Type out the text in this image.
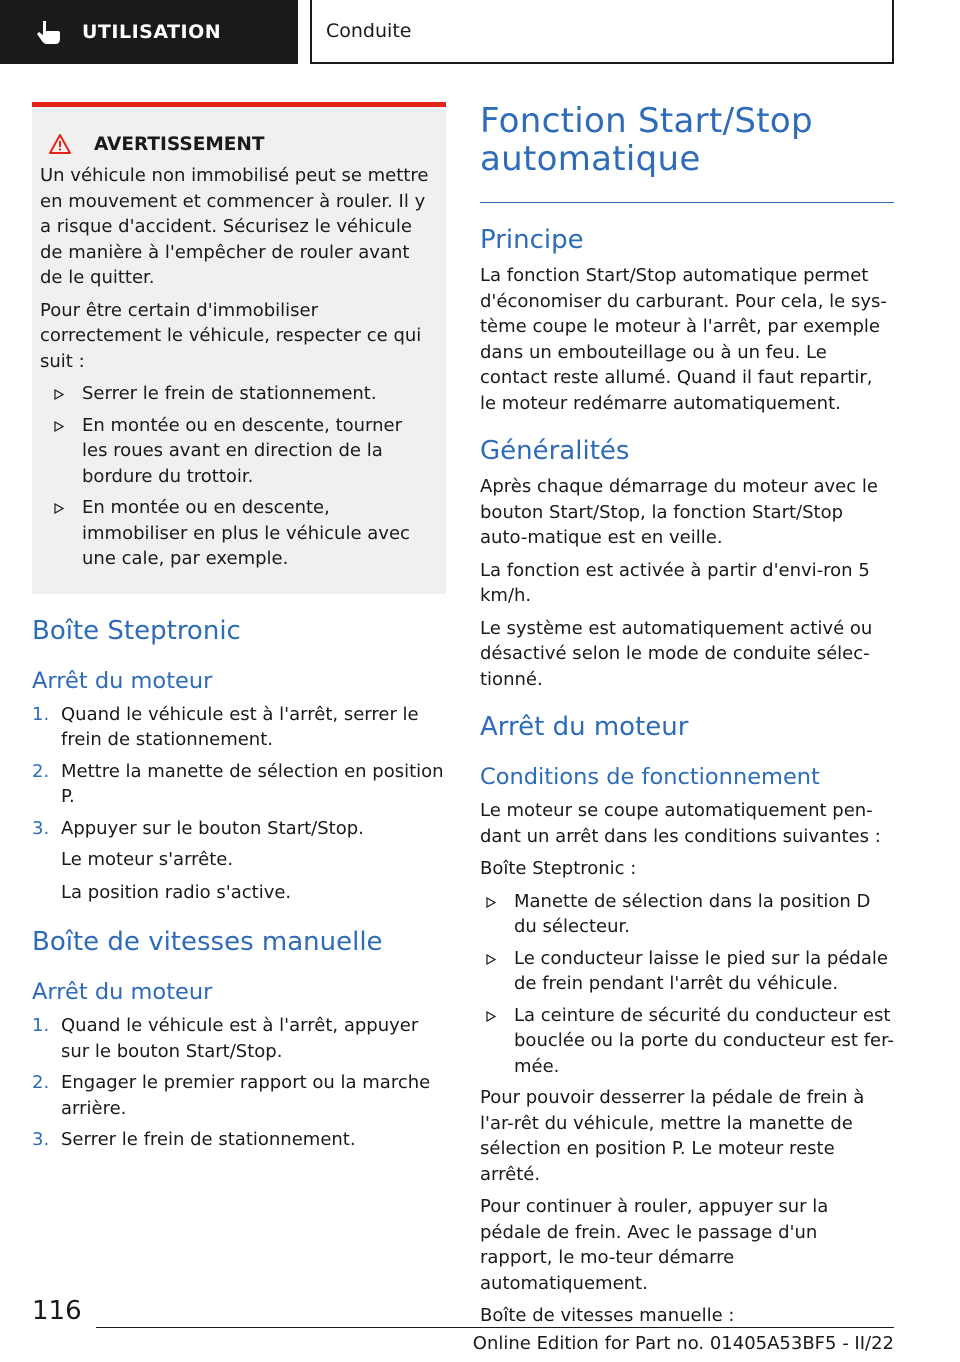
UTILISATION	Conduite
AVERTISSEMENT

Un véhicule non immobilisé peut se mettre en mouvement et commencer à rouler. Il y a risque d'accident. Sécurisez le véhicule de manière à l'empêcher de rouler avant de le quitter.

Pour être certain d'immobiliser correctement le véhicule, respecter ce qui suit :

Serrer le frein de stationnement.
En montée ou en descente, tourner les roues avant en direction de la bordure du trottoir.
En montée ou en descente, immobiliser en plus le véhicule avec une cale, par exemple.
Boîte Steptronic
Arrêt du moteur
1. Quand le véhicule est à l'arrêt, serrer le frein de stationnement.
2. Mettre la manette de sélection en position P.
3. Appuyer sur le bouton Start/Stop.

Le moteur s'arrête.

La position radio s'active.

Boîte de vitesses manuelle
Arrêt du moteur
1. Quand le véhicule est à l'arrêt, appuyer sur le bouton Start/Stop.
2. Engager le premier rapport ou la marche arrière.
3. Serrer le frein de stationnement.
Fonction Start/Stop automatique
Principe

La fonction Start/Stop automatique permet d'économiser du carburant. Pour cela, le sys-tème coupe le moteur à l'arrêt, par exemple dans un embouteillage ou à un feu. Le contact reste allumé. Quand il faut repartir, le moteur redémarre automatiquement.

Généralités

Après chaque démarrage du moteur avec le bouton Start/Stop, la fonction Start/Stop auto-matique est en veille.

La fonction est activée à partir d'envi-ron 5 km/h.

Le système est automatiquement activé ou désactivé selon le mode de conduite sélec-tionné.

Arrêt du moteur
Conditions de fonctionnement

Le moteur se coupe automatiquement pen-dant un arrêt dans les conditions suivantes :

Boîte Steptronic :

Manette de sélection dans la position D du sélecteur.
Le conducteur laisse le pied sur la pédale de frein pendant l'arrêt du véhicule.
La ceinture de sécurité du conducteur est bouclée ou la porte du conducteur est fer-mée.

Pour pouvoir desserrer la pédale de frein à l'ar-rêt du véhicule, mettre la manette de sélection en position P. Le moteur reste arrêté.

Pour continuer à rouler, appuyer sur la pédale de frein. Avec le passage d'un rapport, le mo-teur démarre automatiquement.

Boîte de vitesses manuelle :

116
Online Edition for Part no. 01405A53BF5 - II/22
